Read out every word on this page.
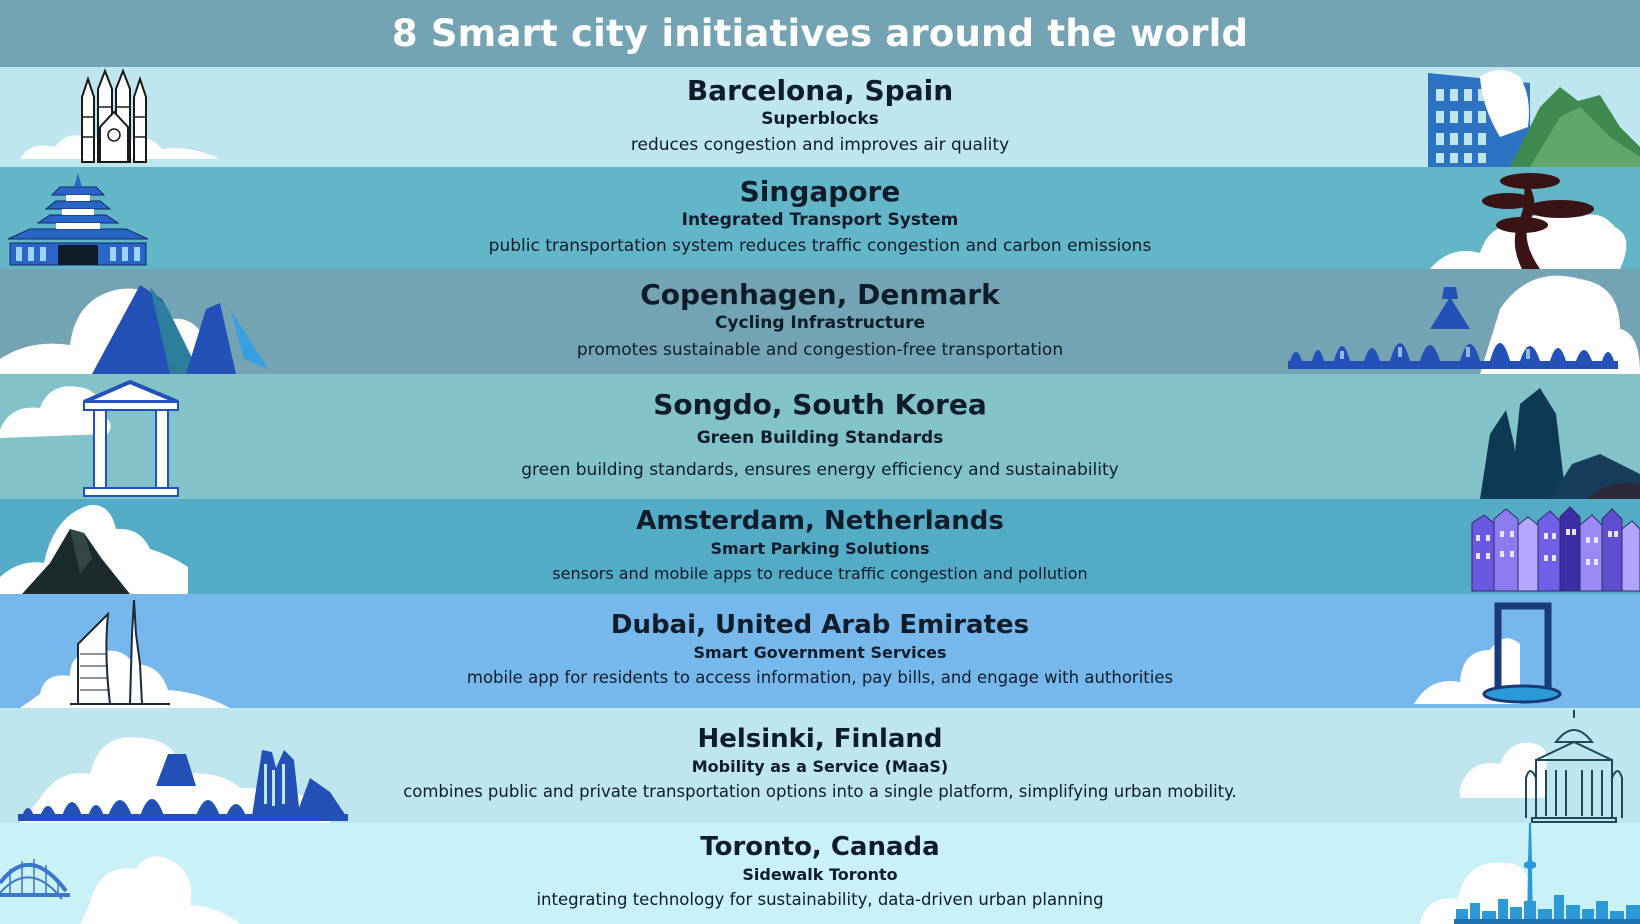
8 Smart city initiatives around the world
Barcelona, Spain
Superblocks
reduces congestion and improves air quality
Singapore
Integrated Transport System
public transportation system reduces traffic congestion and carbon emissions
Copenhagen, Denmark
Cycling Infrastructure
promotes sustainable and congestion-free transportation
Songdo, South Korea
Green Building Standards
green building standards, ensures energy efficiency and sustainability
Amsterdam, Netherlands
Smart Parking Solutions
sensors and mobile apps to reduce traffic congestion and pollution
Dubai, United Arab Emirates
Smart Government Services
mobile app for residents to access information, pay bills, and engage with authorities
Helsinki, Finland
Mobility as a Service (MaaS)
combines public and private transportation options into a single platform, simplifying urban mobility.
Toronto, Canada
Sidewalk Toronto
integrating technology for sustainability, data-driven urban planning
